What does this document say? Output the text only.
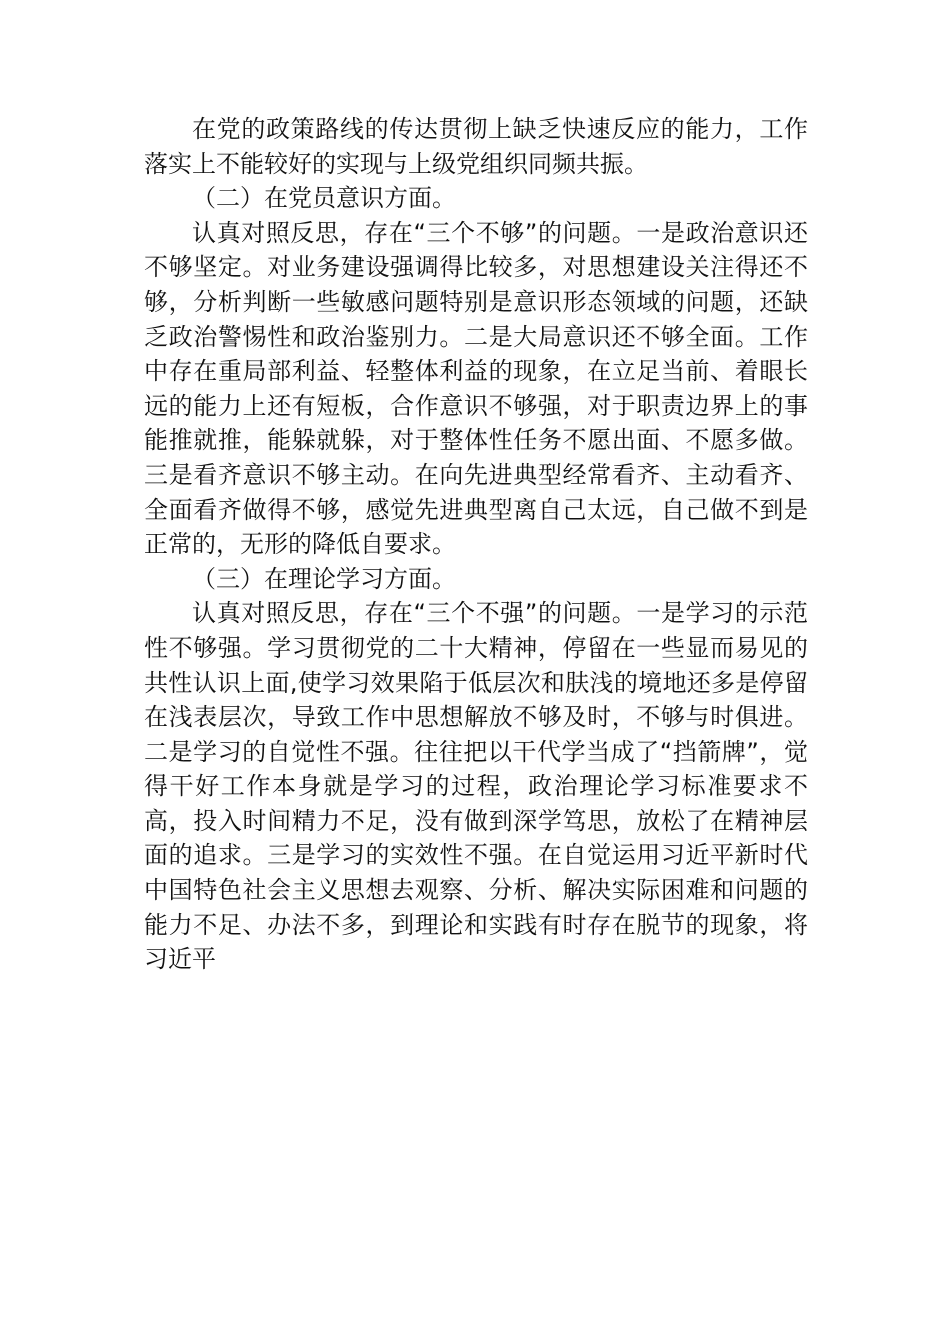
在党的政策路线的传达贯彻上缺乏快速反应的能力，工作落实上不能较好的实现与上级党组织同频共振。

（二）在党员意识方面。

认真对照反思，存在“三个不够”的问题。一是政治意识还不够坚定。对业务建设强调得比较多，对思想建设关注得还不够，分析判断一些敏感问题特别是意识形态领域的问题，还缺乏政治警惕性和政治鉴别力。二是大局意识还不够全面。工作中存在重局部利益、轻整体利益的现象，在立足当前、着眼长远的能力上还有短板，合作意识不够强，对于职责边界上的事能推就推，能躲就躲，对于整体性任务不愿出面、不愿多做。三是看齐意识不够主动。在向先进典型经常看齐、主动看齐、全面看齐做得不够，感觉先进典型离自己太远，自己做不到是正常的，无形的降低自要求。

（三）在理论学习方面。

认真对照反思，存在“三个不强”的问题。一是学习的示范性不够强。学习贯彻党的二十大精神，停留在一些显而易见的共性认识上面,使学习效果陷于低层次和肤浅的境地还多是停留在浅表层次，导致工作中思想解放不够及时，不够与时俱进。二是学习的自觉性不强。往往把以干代学当成了“挡箭牌”，觉得干好工作本身就是学习的过程，政治理论学习标准要求不高，投入时间精力不足，没有做到深学笃思，放松了在精神层面的追求。三是学习的实效性不强。在自觉运用习近平新时代中国特色社会主义思想去观察、分析、解决实际困难和问题的能力不足、办法不多，到理论和实践有时存在脱节的现象，将习近平
